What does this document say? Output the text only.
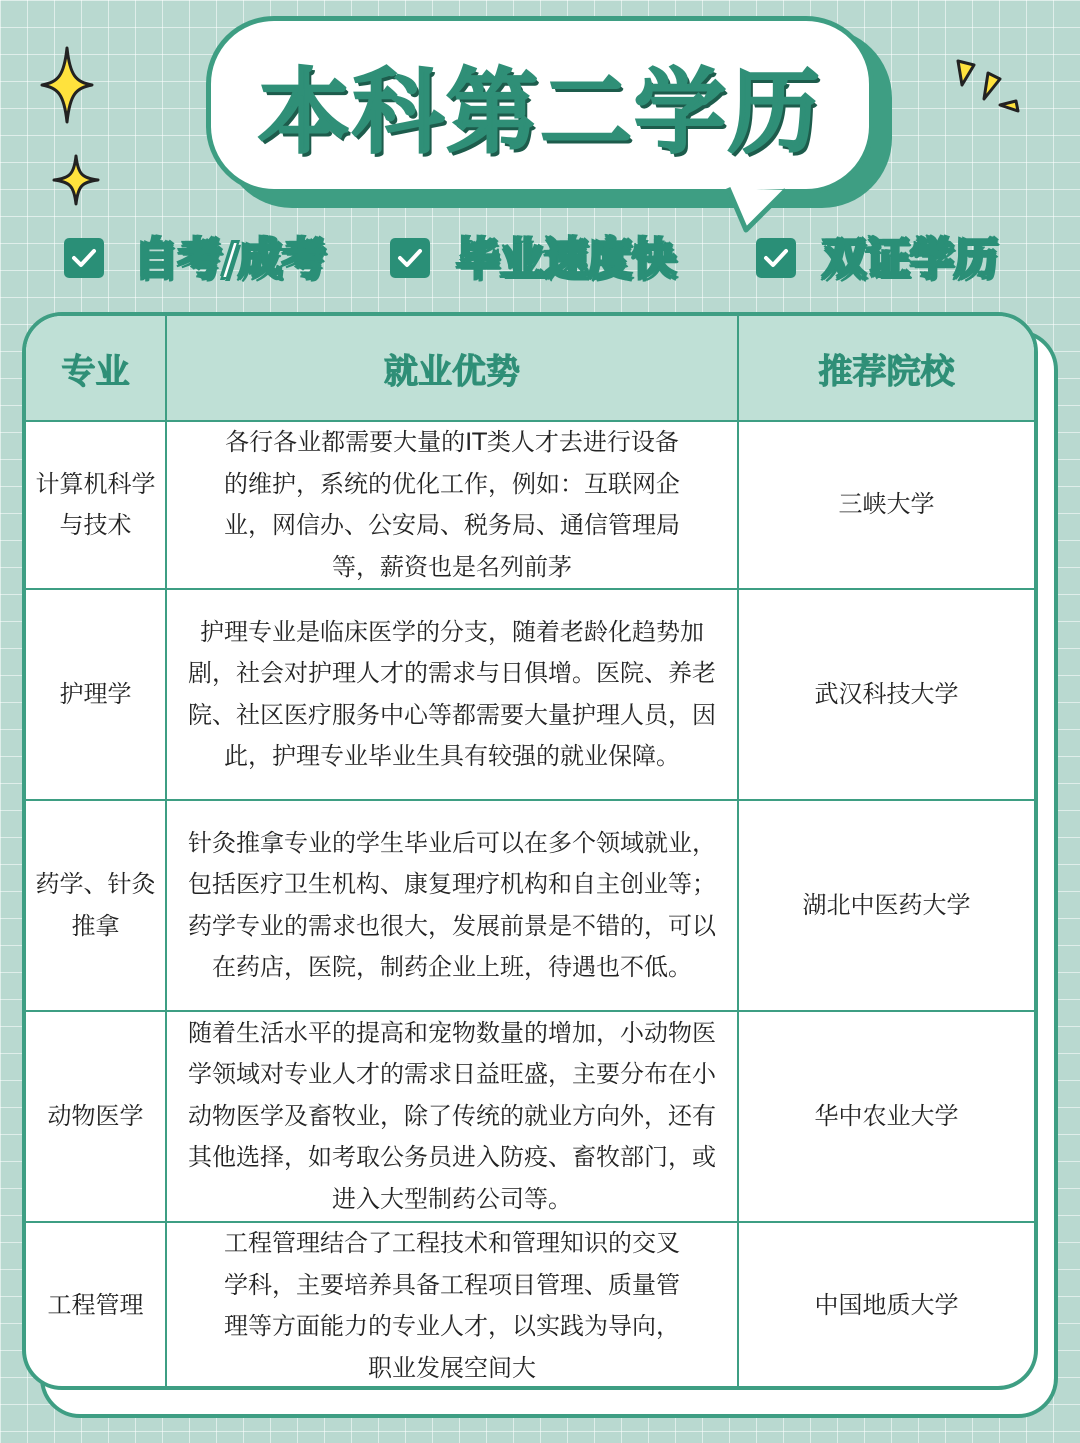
本科第二学历
自考/成考	毕业速度快	双证学历
专业	就业优势	推荐院校
计算机科学与技术	各行各业都需要大量的IT类人才去进行设备的维护，系统的优化工作，例如：互联网企业，网信办、公安局、税务局、通信管理局等，薪资也是名列前茅	三峡大学
护理学	护理专业是临床医学的分支，随着老龄化趋势加剧，社会对护理人才的需求与日俱增。医院、养老院、社区医疗服务中心等都需要大量护理人员，因此，护理专业毕业生具有较强的就业保障。	武汉科技大学
药学、针灸推拿	针灸推拿专业的学生毕业后可以在多个领域就业，包括医疗卫生机构、康复理疗机构和自主创业等；药学专业的需求也很大，发展前景是不错的，可以在药店，医院，制药企业上班，待遇也不低。	湖北中医药大学
动物医学	随着生活水平的提高和宠物数量的增加，小动物医学领域对专业人才的需求日益旺盛，主要分布在小动物医学及畜牧业，除了传统的就业方向外，还有其他选择，如考取公务员进入防疫、畜牧部门，或进入大型制药公司等。	华中农业大学
工程管理	工程管理结合了工程技术和管理知识的交叉学科，主要培养具备工程项目管理、质量管理等方面能力的专业人才，以实践为导向，职业发展空间大	中国地质大学
